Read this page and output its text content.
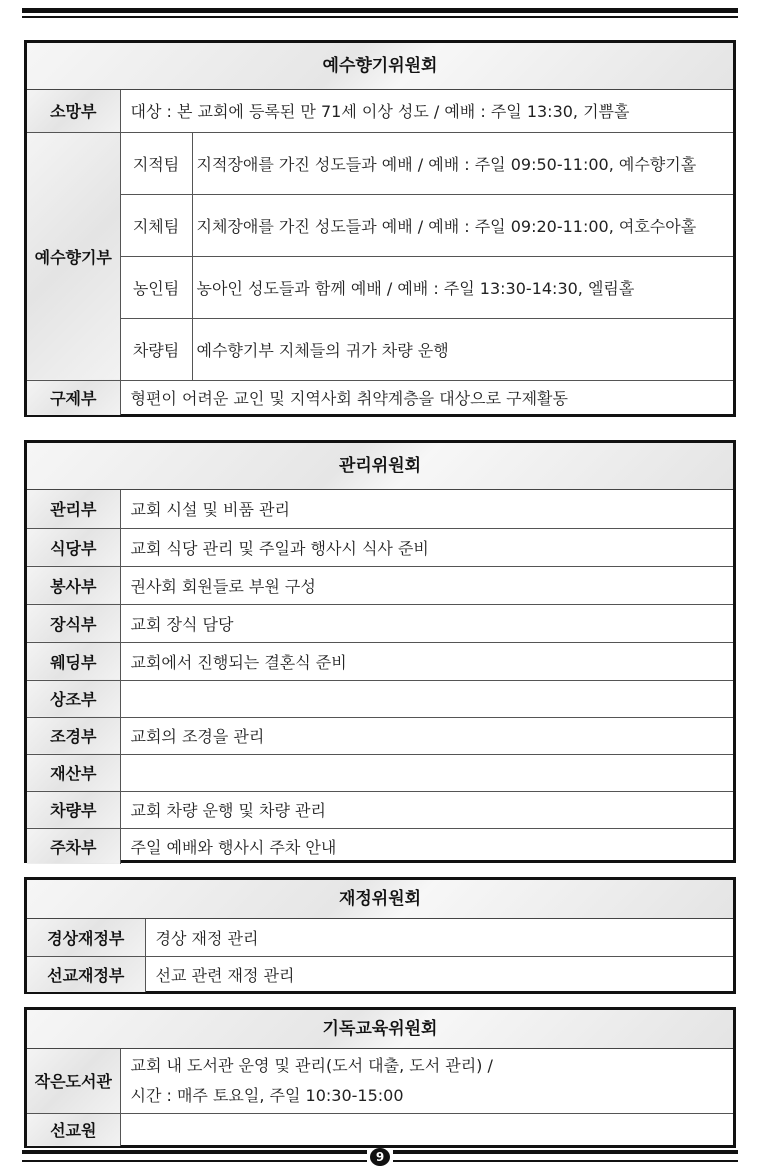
예수향기위원회
소망부	대상 : 본 교회에 등록된 만 71세 이상 성도 / 예배 : 주일 13:30, 기쁨홀	
예수향기부	지적팀	지적장애를 가진 성도들과 예배 / 예배 : 주일 09:50-11:00, 예수향기홀
	지체팀	지체장애를 가진 성도들과 예배 / 예배 : 주일 09:20-11:00, 여호수아홀
	농인팀	농아인 성도들과 함께 예배 / 예배 : 주일 13:30-14:30, 엘림홀
	차량팀	예수향기부 지체들의 귀가 차량 운행
구제부	형편이 어려운 교인 및 지역사회 취약계층을 대상으로 구제활동	
관리위원회
관리부	교회 시설 및 비품 관리
식당부	교회 식당 관리 및 주일과 행사시 식사 준비
봉사부	권사회 회원들로 부원 구성
장식부	교회 장식 담당
웨딩부	교회에서 진행되는 결혼식 준비
상조부	
조경부	교회의 조경을 관리
재산부	
차량부	교회 차량 운행 및 차량 관리
주차부	주일 예배와 행사시 주차 안내
재정위원회
경상재정부	경상 재정 관리
선교재정부	선교 관련 재정 관리
기독교육위원회
작은도서관	교회 내 도서관 운영 및 관리(도서 대출, 도서 관리) /
시간 : 매주 토요일, 주일 10:30-15:00

선교원	
9
